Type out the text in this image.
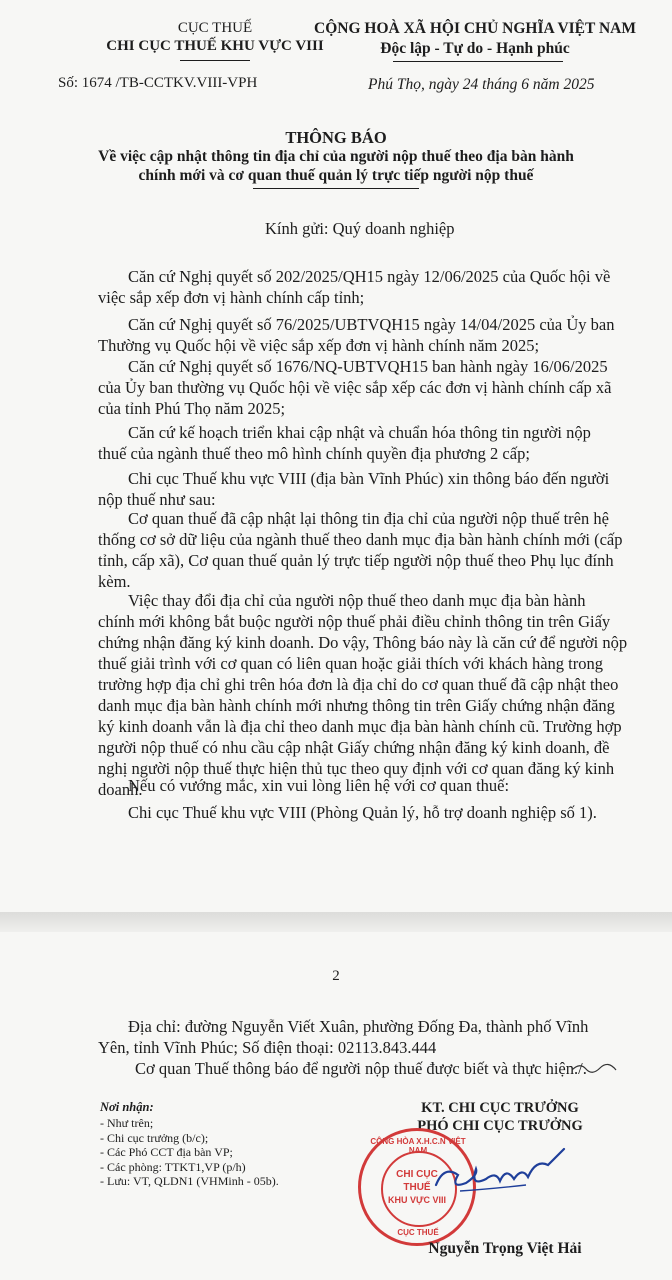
CỤC THUẾ
CHI CỤC THUẾ KHU VỰC VIII
Số: 1674 /TB-CCTKV.VIII-VPH
CỘNG HOÀ XÃ HỘI CHỦ NGHĨA VIỆT NAM
Độc lập - Tự do - Hạnh phúc
Phú Thọ, ngày 24 tháng 6 năm 2025
THÔNG BÁO
Về việc cập nhật thông tin địa chỉ của người nộp thuế theo địa bàn hành
chính mới và cơ quan thuế quản lý trực tiếp người nộp thuế
Kính gửi: Quý doanh nghiệp
Căn cứ Nghị quyết số 202/2025/QH15 ngày 12/06/2025 của Quốc hội về
việc sắp xếp đơn vị hành chính cấp tỉnh;
Căn cứ Nghị quyết số 76/2025/UBTVQH15 ngày 14/04/2025 của Ủy ban
Thường vụ Quốc hội về việc sắp xếp đơn vị hành chính năm 2025;
Căn cứ Nghị quyết số 1676/NQ-UBTVQH15 ban hành ngày 16/06/2025
của Ủy ban thường vụ Quốc hội về việc sắp xếp các đơn vị hành chính cấp xã
của tỉnh Phú Thọ năm 2025;
Căn cứ kế hoạch triển khai cập nhật và chuẩn hóa thông tin người nộp
thuế của ngành thuế theo mô hình chính quyền địa phương 2 cấp;
Chi cục Thuế khu vực VIII (địa bàn Vĩnh Phúc) xin thông báo đến người
nộp thuế như sau:
Cơ quan thuế đã cập nhật lại thông tin địa chỉ của người nộp thuế trên hệ
thống cơ sở dữ liệu của ngành thuế theo danh mục địa bàn hành chính mới (cấp
tỉnh, cấp xã), Cơ quan thuế quản lý trực tiếp người nộp thuế theo Phụ lục đính
kèm.
Việc thay đổi địa chỉ của người nộp thuế theo danh mục địa bàn hành
chính mới không bắt buộc người nộp thuế phải điều chỉnh thông tin trên Giấy
chứng nhận đăng ký kinh doanh. Do vậy, Thông báo này là căn cứ để người nộp
thuế giải trình với cơ quan có liên quan hoặc giải thích với khách hàng trong
trường hợp địa chỉ ghi trên hóa đơn là địa chỉ do cơ quan thuế đã cập nhật theo
danh mục địa bàn hành chính mới nhưng thông tin trên Giấy chứng nhận đăng
ký kinh doanh vẫn là địa chỉ theo danh mục địa bàn hành chính cũ. Trường hợp
người nộp thuế có nhu cầu cập nhật Giấy chứng nhận đăng ký kinh doanh, đề
nghị người nộp thuế thực hiện thủ tục theo quy định với cơ quan đăng ký kinh
doanh.
Nếu có vướng mắc, xin vui lòng liên hệ với cơ quan thuế:
Chi cục Thuế khu vực VIII (Phòng Quản lý, hỗ trợ doanh nghiệp số 1).
2
Địa chỉ: đường Nguyễn Viết Xuân, phường Đống Đa, thành phố Vĩnh
Yên, tỉnh Vĩnh Phúc; Số điện thoại: 02113.843.444
Cơ quan Thuế thông báo để người nộp thuế được biết và thực hiện./.
Nơi nhận:
- Như trên;
- Chi cục trưởng (b/c);
- Các Phó CCT địa bàn VP;
- Các phòng: TTKT1,VP (p/h)
- Lưu: VT, QLDN1 (VHMinh - 05b).
KT. CHI CỤC TRƯỞNG
PHÓ CHI CỤC TRƯỞNG
CỘNG HÒA X.H.C.N VIỆT NAM
CHI CỤC
THUẾ
KHU VỰC VIII
CỤC THUẾ
Nguyễn Trọng Việt Hải
